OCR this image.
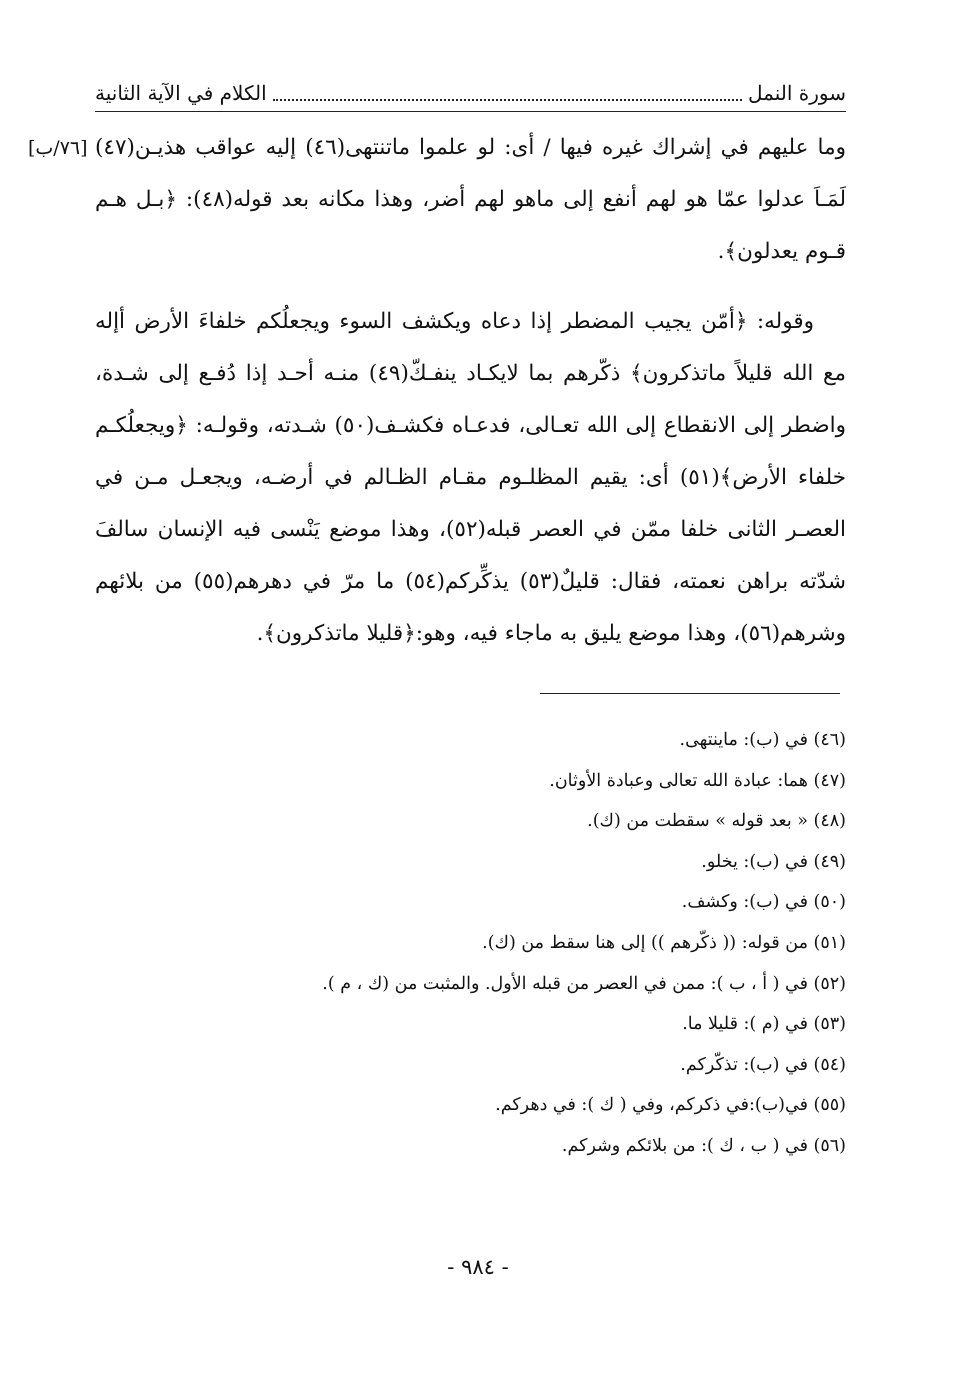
سورة النمل
الكلام في الآية الثانية
[٧٦/ب] وما عليهم في إشراك غيره فيها / أى: لو علموا ماتنتهى(٤٦) إليه عواقب هذيـن(٤٧) لَمَـاَ عدلوا عمّا هو لهم أنفع إلى ماهو لهم أضر، وهذا مكانه بعد قوله(٤٨): ﴿بـل هـم قـوم يعدلون﴾.

وقوله: ﴿أمّن يجيب المضطر إذا دعاه ويكشف السوء ويجعلُكم خلفاءَ الأرض أإله مع الله قليلاً ماتذكرون﴾ ذكّرهم بما لايكـاد ينفـكّ(٤٩) منـه أحـد إذا دُفـع إلى شـدة، واضطر إلى الانقطاع إلى الله تعـالى، فدعـاه فكشـف(٥٠) شـدته، وقولـه: ﴿ويجعلُكـم خلفاء الأرض﴾(٥١) أى: يقيم المظلـوم مقـام الظـالم في أرضـه، ويجعـل مـن في العصـر الثانى خلفا ممّن في العصر قبله(٥٢)، وهذا موضع يَنْسى فيه الإنسان سالفَ شدّته براهن نعمته، فقال: قليلٌ(٥٣) يذكِّركم(٥٤) ما مرّ في دهرهم(٥٥) من بلائهم وشرهم(٥٦)، وهذا موضع يليق به ماجاء فيه، وهو:﴿قليلا ماتذكرون﴾.

(٤٦) في (ب): ماينتهى.
(٤٧) هما: عبادة الله تعالى وعبادة الأوثان.
(٤٨) « بعد قوله » سقطت من (ك).
(٤٩) في (ب): يخلو.
(٥٠) في (ب): وكشف.
(٥١) من قوله: (( ذكّرهم )) إلى هنا سقط من (ك).
(٥٢) في ( أ ، ب ): ممن في العصر من قبله الأول. والمثبت من (ك ، م ).
(٥٣) في (م ): قليلا ما.
(٥٤) في (ب): تذكّركم.
(٥٥) في(ب):في ذكركم، وفي ( ك ): في دهركم.
(٥٦) في ( ب ، ك ): من بلائكم وشركم.
- ٩٨٤ -
